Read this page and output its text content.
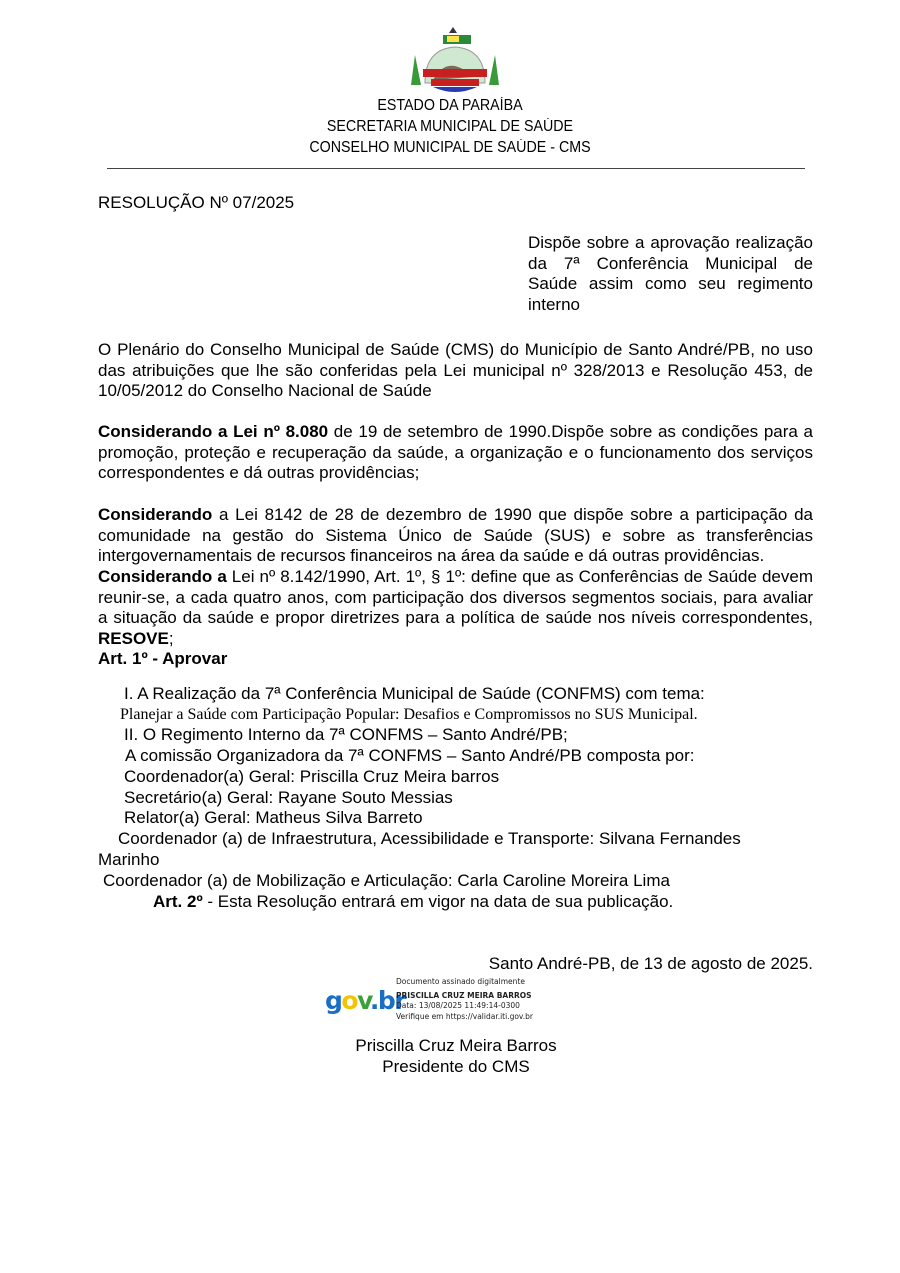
ESTADO DA PARAÍBA
SECRETARIA MUNICIPAL DE SAÚDE
CONSELHO MUNICIPAL DE SAÚDE - CMS
RESOLUÇÃO Nº 07/2025
Dispõe sobre a aprovação realização da 7ª Conferência Municipal de Saúde assim como seu regimento interno
O Plenário do Conselho Municipal de Saúde (CMS) do Município de Santo André/PB, no uso das atribuições que lhe são conferidas pela Lei municipal nº 328/2013 e Resolução 453, de 10/05/2012 do Conselho Nacional de Saúde
Considerando a Lei nº 8.080 de 19 de setembro de 1990.Dispõe sobre as condições para a promoção, proteção e recuperação da saúde, a organização e o funcionamento dos serviços correspondentes e dá outras providências;
Considerando a Lei 8142 de 28 de dezembro de 1990 que dispõe sobre a participação da comunidade na gestão do Sistema Único de Saúde (SUS) e sobre as transferências intergovernamentais de recursos financeiros na área da saúde e dá outras providências.
Considerando a Lei nº 8.142/1990, Art. 1º, § 1º: define que as Conferências de Saúde devem reunir-se, a cada quatro anos, com participação dos diversos segmentos sociais, para avaliar a situação da saúde e propor diretrizes para a política de saúde nos níveis correspondentes, RESOVE;
Art. 1º - Aprovar
I. A Realização da 7ª Conferência Municipal de Saúde (CONFMS) com tema:
Planejar a Saúde com Participação Popular: Desafios e Compromissos no SUS Municipal.
II. O Regimento Interno da 7ª CONFMS – Santo André/PB;
A comissão Organizadora da 7ª CONFMS – Santo André/PB composta por:
Coordenador(a) Geral: Priscilla Cruz Meira barros
Secretário(a) Geral: Rayane Souto Messias
Relator(a) Geral: Matheus Silva Barreto
Coordenador (a) de Infraestrutura, Acessibilidade e Transporte: Silvana Fernandes Marinho
Coordenador (a) de Mobilização e Articulação: Carla Caroline Moreira Lima
Art. 2º - Esta Resolução entrará em vigor na data de sua publicação.
Santo André-PB, de 13 de agosto de 2025.
gov.br
Documento assinado digitalmente
PRISCILLA CRUZ MEIRA BARROS
Data: 13/08/2025 11:49:14-0300
Verifique em https://validar.iti.gov.br
Priscilla Cruz Meira Barros
Presidente do CMS
